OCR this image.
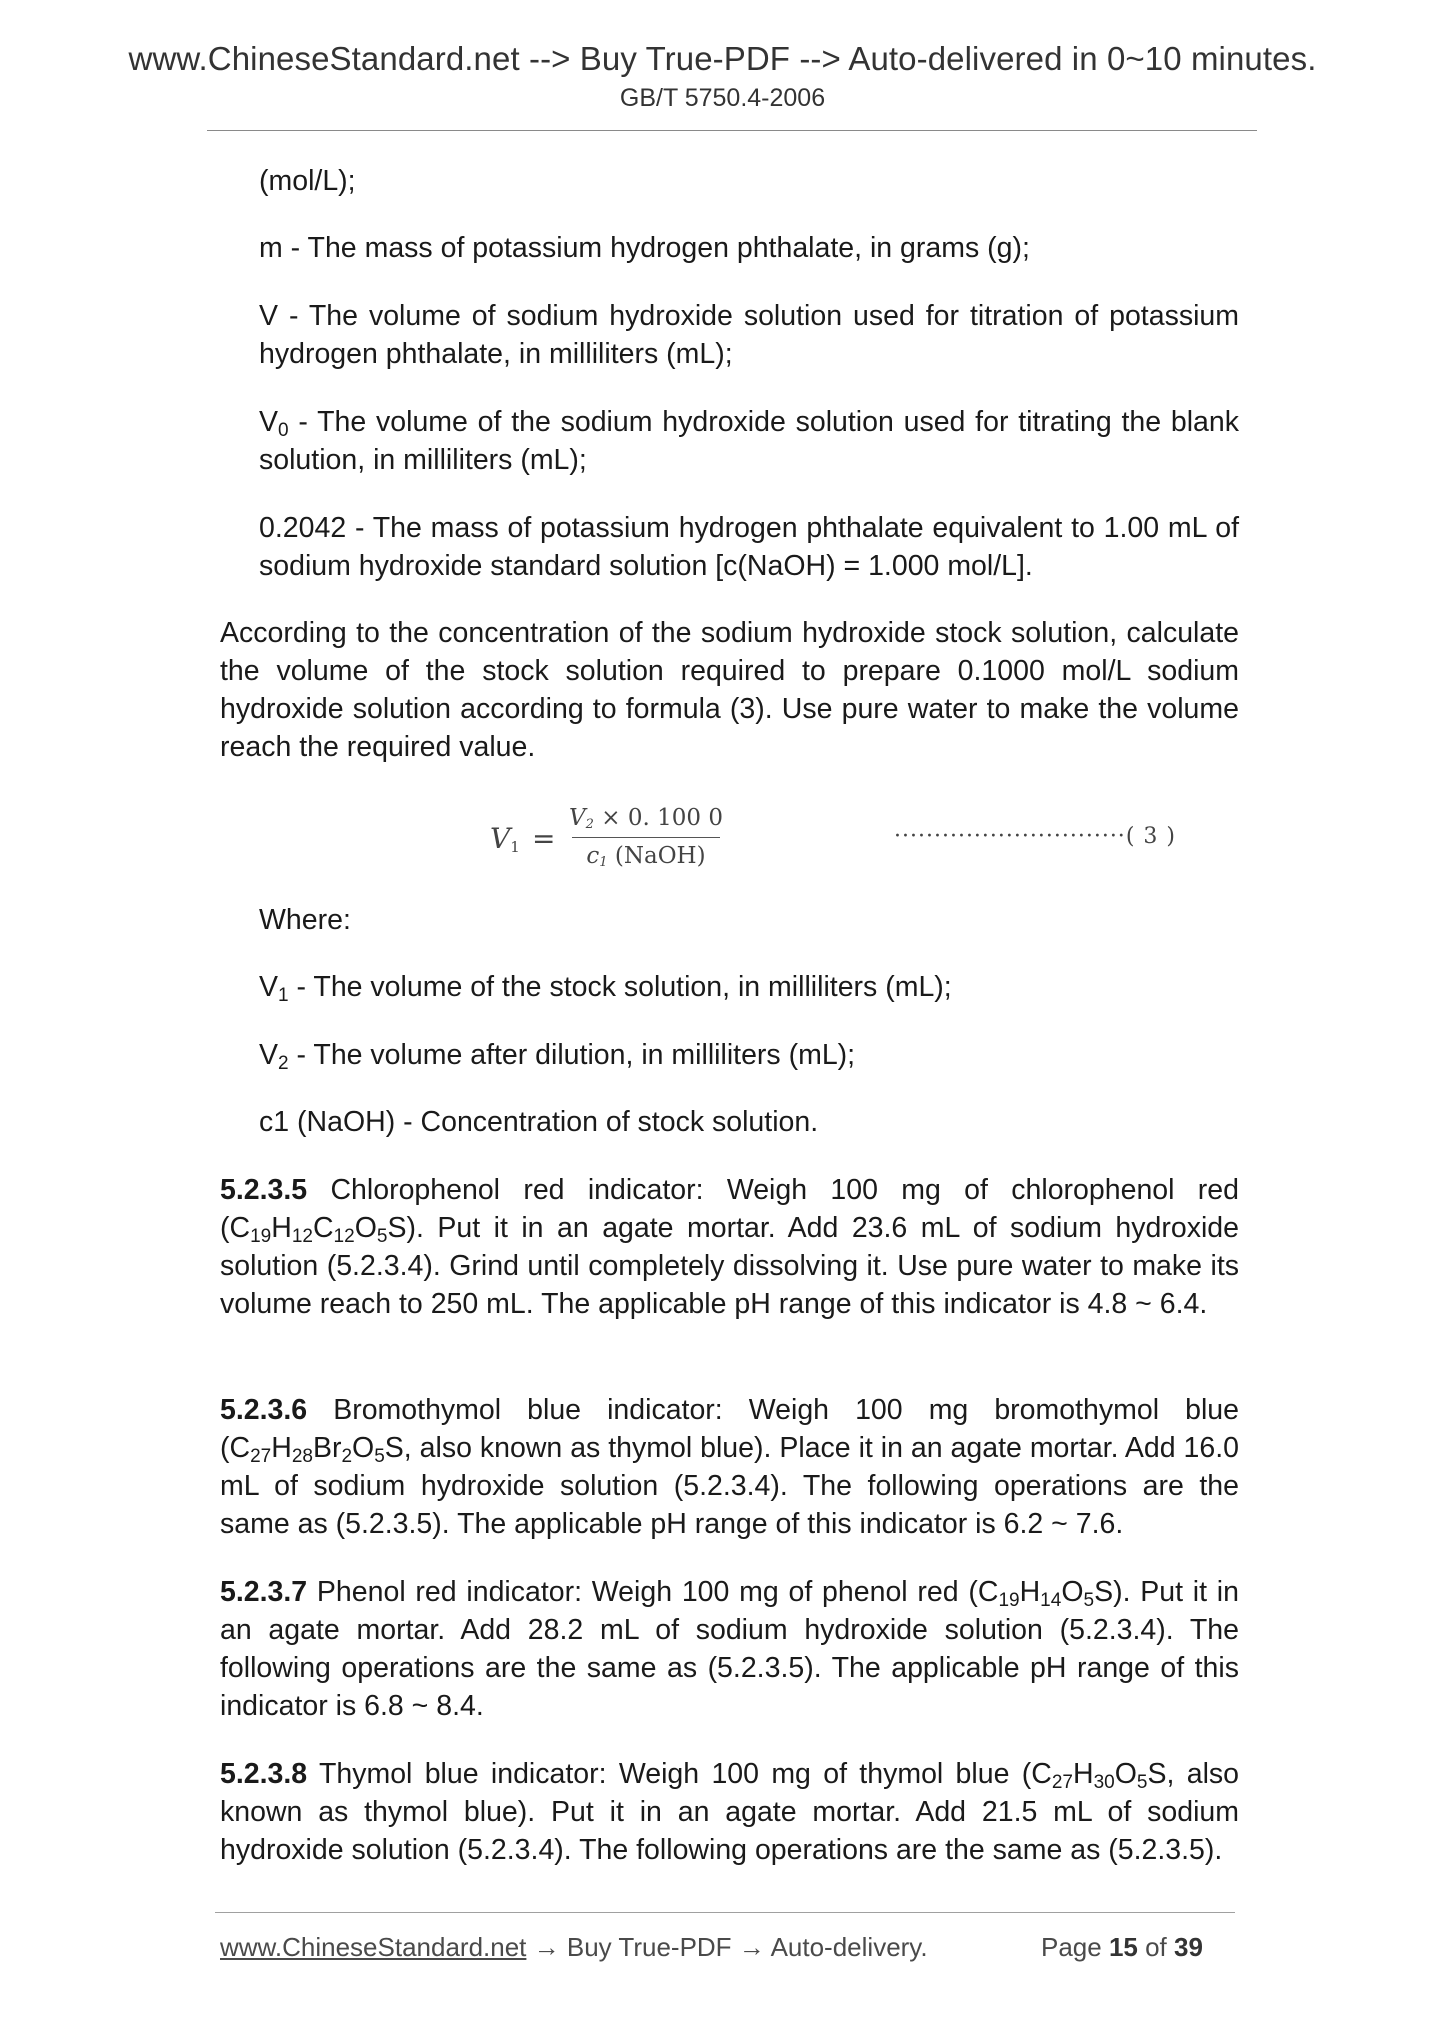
www.ChineseStandard.net --> Buy True-PDF --> Auto-delivered in 0~10 minutes.
GB/T 5750.4-2006
(mol/L);
m - The mass of potassium hydrogen phthalate, in grams (g);
V - The volume of sodium hydroxide solution used for titration of potassium hydrogen phthalate, in milliliters (mL);
$V_0$ - The volume of the sodium hydroxide solution used for titrating the blank solution, in milliliters (mL);
0.2042 - The mass of potassium hydrogen phthalate equivalent to 1.00 mL of sodium hydroxide standard solution [c(NaOH) = 1.000 mol/L].
According to the concentration of the sodium hydroxide stock solution, calculate the volume of the stock solution required to prepare 0.1000 mol/L sodium hydroxide solution according to formula (3). Use pure water to make the volume reach the required value.
$V_1$ =
$V_2 \times 0$. 100 0
$c_1$ (NaOH)
·····························( 3 )
Where:
$V_1$ - The volume of the stock solution, in milliliters (mL);
$V_2$ - The volume after dilution, in milliliters (mL);
c1 (NaOH) - Concentration of stock solution.
5.2.3.5 Chlorophenol red indicator: Weigh 100 mg of chlorophenol red $(C_{19}H_{12}C_{12}O_5S)$. Put it in an agate mortar. Add 23.6 mL of sodium hydroxide solution (5.2.3.4). Grind until completely dissolving it. Use pure water to make its volume reach to 250 mL. The applicable pH range of this indicator is 4.8 ~ 6.4.
5.2.3.6 Bromothymol blue indicator: Weigh 100 mg bromothymol blue ($C_{27}H_{28}Br_2O_5S$, also known as thymol blue). Place it in an agate mortar. Add 16.0 mL of sodium hydroxide solution (5.2.3.4). The following operations are the same as (5.2.3.5). The applicable pH range of this indicator is 6.2 ~ 7.6.
5.2.3.7 Phenol red indicator: Weigh 100 mg of phenol red $(C_{19}H_{14}O_5S)$. Put it in an agate mortar. Add 28.2 mL of sodium hydroxide solution (5.2.3.4). The following operations are the same as (5.2.3.5). The applicable pH range of this indicator is 6.8 ~ 8.4.
5.2.3.8 Thymol blue indicator: Weigh 100 mg of thymol blue ($C_{27}H_{30}O_5S$, also known as thymol blue). Put it in an agate mortar. Add 21.5 mL of sodium hydroxide solution (5.2.3.4). The following operations are the same as (5.2.3.5).
www.ChineseStandard.net → Buy True-PDF → Auto-delivery.	Page 15 of 39
